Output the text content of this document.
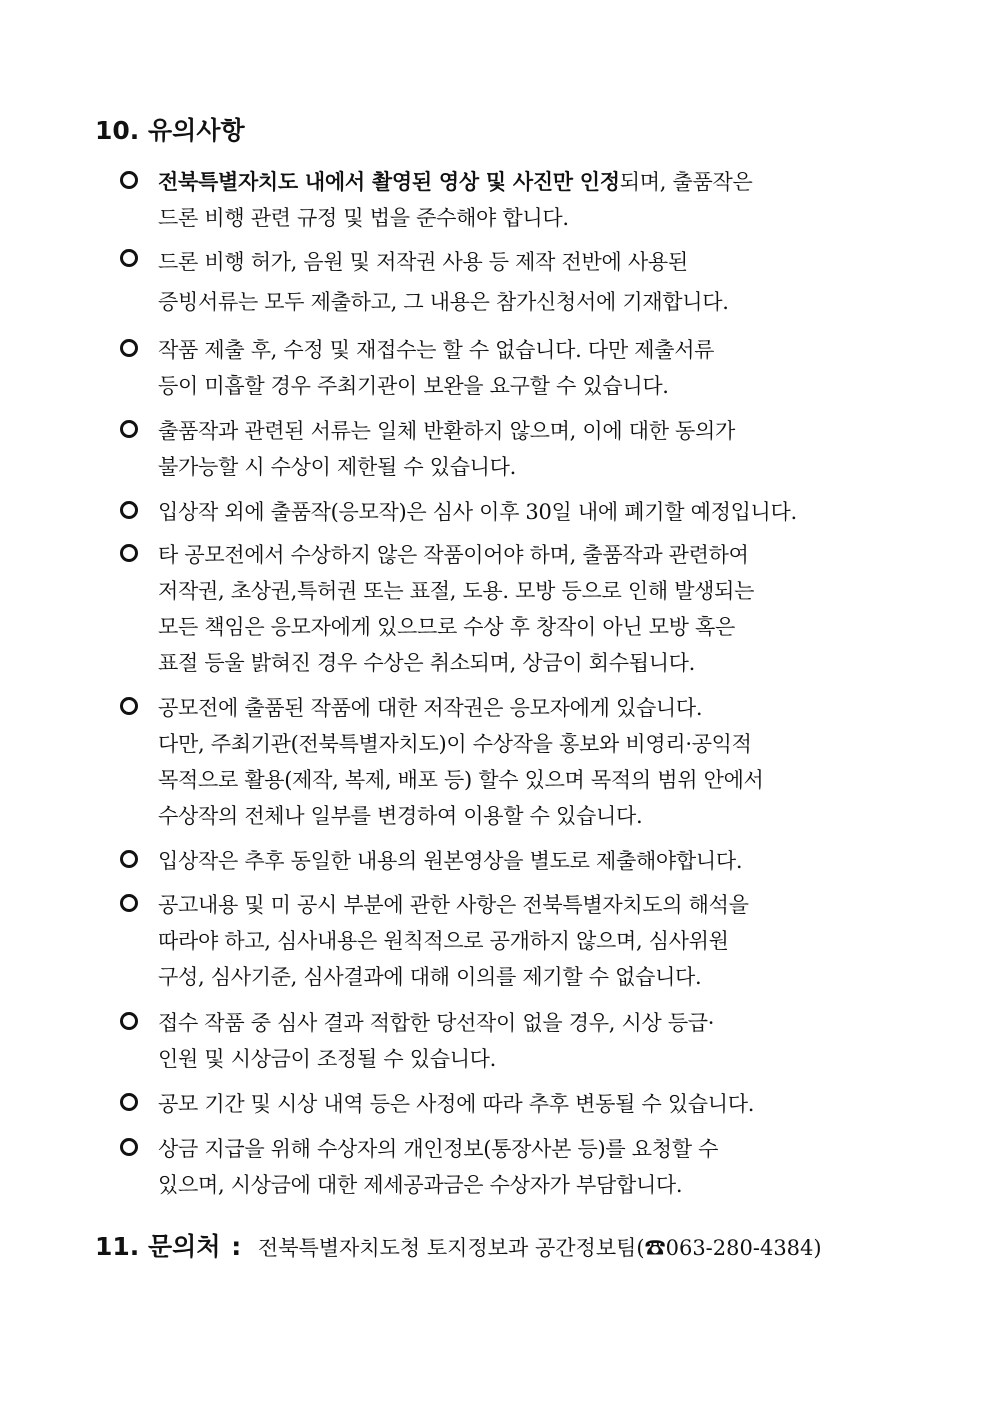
10. 유의사항
전북특별자치도 내에서 촬영된 영상 및 사진만 인정되며, 출품작은
드론 비행 관련 규정 및 법을 준수해야 합니다.
드론 비행 허가, 음원 및 저작권 사용 등 제작 전반에 사용된
증빙서류는 모두 제출하고, 그 내용은 참가신청서에 기재합니다.
작품 제출 후, 수정 및 재접수는 할 수 없습니다. 다만 제출서류
등이 미흡할 경우 주최기관이 보완을 요구할 수 있습니다.
출품작과 관련된 서류는 일체 반환하지 않으며, 이에 대한 동의가
불가능할 시 수상이 제한될 수 있습니다.
입상작 외에 출품작(응모작)은 심사 이후 30일 내에 폐기할 예정입니다.
타 공모전에서 수상하지 않은 작품이어야 하며, 출품작과 관련하여
저작권, 초상권,특허권 또는 표절, 도용. 모방 등으로 인해 발생되는
모든 책임은 응모자에게 있으므로 수상 후 창작이 아닌 모방 혹은
표절 등울 밝혀진 경우 수상은 취소되며, 상금이 회수됩니다.
공모전에 출품된 작품에 대한 저작권은 응모자에게 있습니다.
다만, 주최기관(전북특별자치도)이 수상작을 홍보와 비영리·공익적
목적으로 활용(제작, 복제, 배포 등) 할수 있으며 목적의 범위 안에서
수상작의 전체나 일부를 변경하여 이용할 수 있습니다.
입상작은 추후 동일한 내용의 원본영상을 별도로 제출해야합니다.
공고내용 및 미 공시 부분에 관한 사항은 전북특별자치도의 해석을
따라야 하고, 심사내용은 원칙적으로 공개하지 않으며, 심사위원
구성, 심사기준, 심사결과에 대해 이의를 제기할 수 없습니다.
접수 작품 중 심사 결과 적합한 당선작이 없을 경우, 시상 등급·
인원 및 시상금이 조정될 수 있습니다.
공모 기간 및 시상 내역 등은 사정에 따라 추후 변동될 수 있습니다.
상금 지급을 위해 수상자의 개인정보(통장사본 등)를 요청할 수
있으며, 시상금에 대한 제세공과금은 수상자가 부담합니다.
11. 문의처 : 전북특별자치도청 토지정보과 공간정보팀(☎063-280-4384)
